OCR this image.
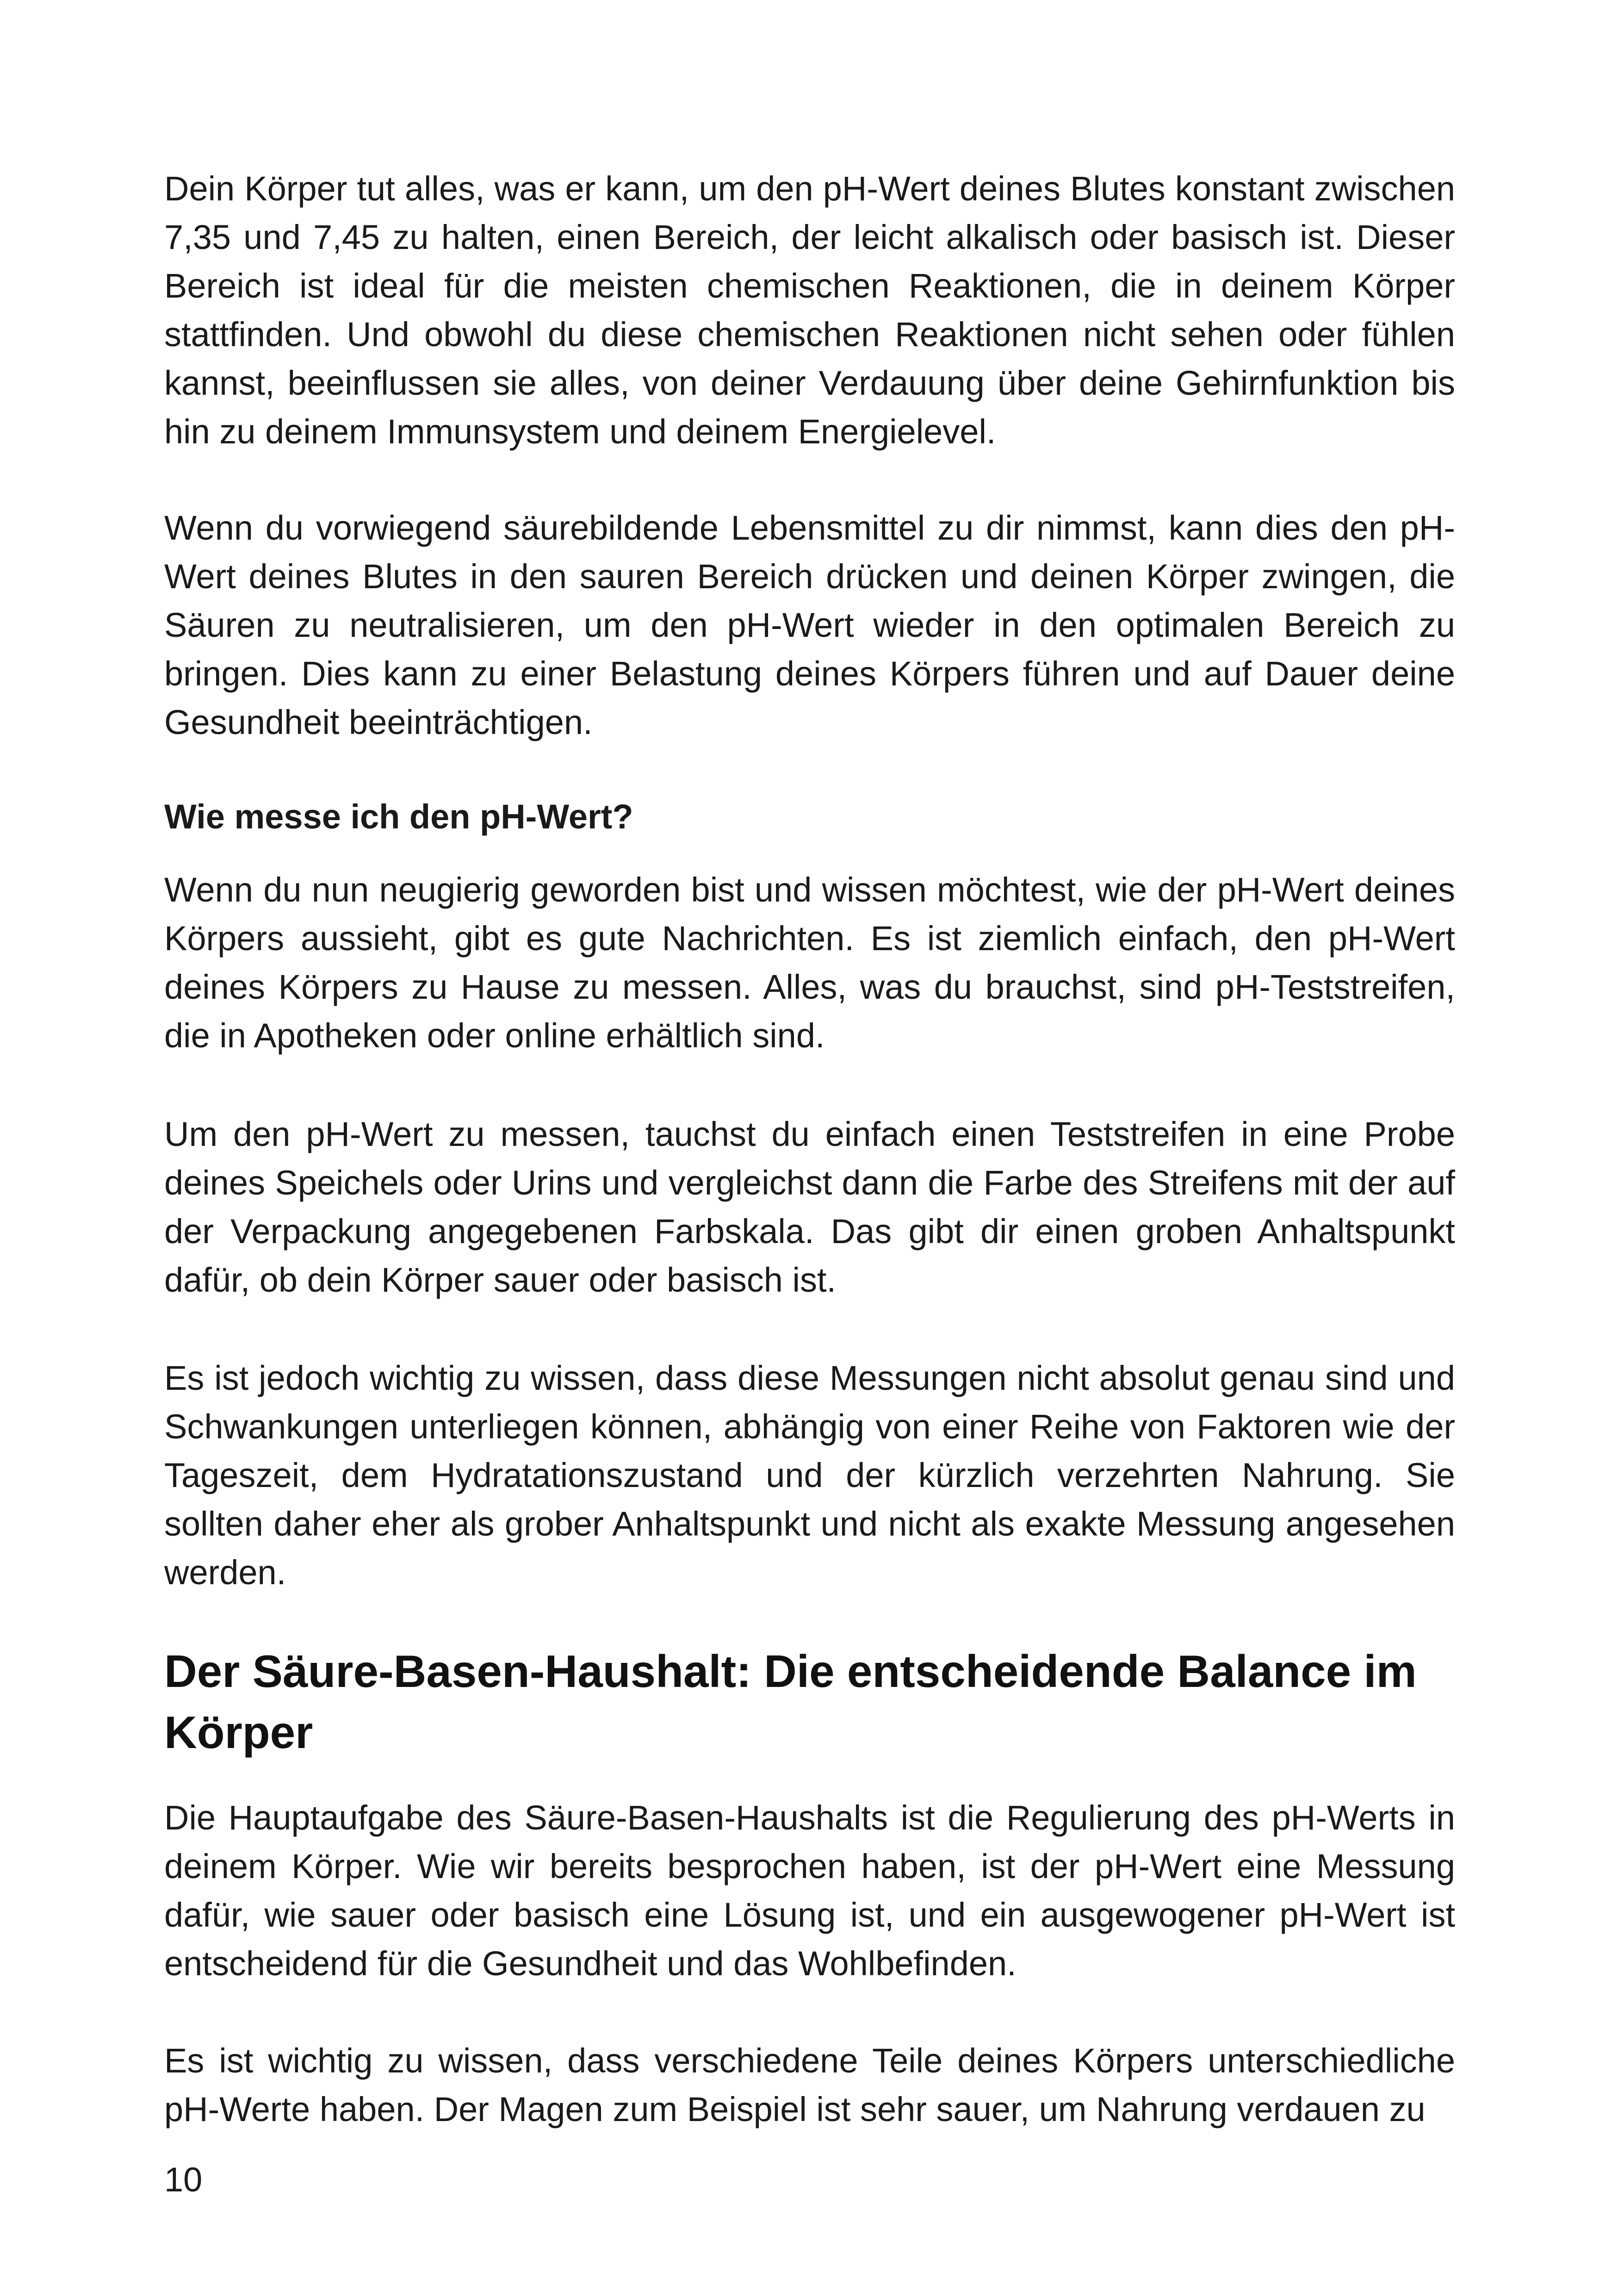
Dein Körper tut alles, was er kann, um den pH-Wert deines Blutes konstant zwischen 7,35 und 7,45 zu halten, einen Bereich, der leicht alkalisch oder basisch ist. Dieser Bereich ist ideal für die meisten chemischen Reaktionen, die in deinem Körper stattfinden. Und obwohl du diese chemischen Reaktionen nicht sehen oder fühlen kannst, beeinflussen sie alles, von deiner Verdauung über deine Gehirnfunktion bis hin zu deinem Immunsystem und deinem Energielevel.

Wenn du vorwiegend säurebildende Lebensmittel zu dir nimmst, kann dies den pH-Wert deines Blutes in den sauren Bereich drücken und deinen Körper zwingen, die Säuren zu neutralisieren, um den pH-Wert wieder in den optimalen Bereich zu bringen. Dies kann zu einer Belastung deines Körpers führen und auf Dauer deine Gesundheit beeinträchtigen.

Wie messe ich den pH-Wert?

Wenn du nun neugierig geworden bist und wissen möchtest, wie der pH-Wert deines Körpers aussieht, gibt es gute Nachrichten. Es ist ziemlich einfach, den pH-Wert deines Körpers zu Hause zu messen. Alles, was du brauchst, sind pH-Teststreifen, die in Apotheken oder online erhältlich sind.

Um den pH-Wert zu messen, tauchst du einfach einen Teststreifen in eine Probe deines Speichels oder Urins und vergleichst dann die Farbe des Streifens mit der auf der Verpackung angegebenen Farbskala. Das gibt dir einen groben Anhaltspunkt dafür, ob dein Körper sauer oder basisch ist.

Es ist jedoch wichtig zu wissen, dass diese Messungen nicht absolut genau sind und Schwankungen unterliegen können, abhängig von einer Reihe von Faktoren wie der Tageszeit, dem Hydratationszustand und der kürzlich verzehrten Nahrung. Sie sollten daher eher als grober Anhaltspunkt und nicht als exakte Messung angesehen werden.

Der Säure-Basen-Haushalt: Die entscheidende Balance im Körper

Die Hauptaufgabe des Säure-Basen-Haushalts ist die Regulierung des pH-Werts in deinem Körper. Wie wir bereits besprochen haben, ist der pH-Wert eine Messung dafür, wie sauer oder basisch eine Lösung ist, und ein ausgewogener pH-Wert ist entscheidend für die Gesundheit und das Wohlbefinden.

Es ist wichtig zu wissen, dass verschiedene Teile deines Körpers unterschiedliche pH-Werte haben. Der Magen zum Beispiel ist sehr sauer, um Nahrung verdauen zu

10
